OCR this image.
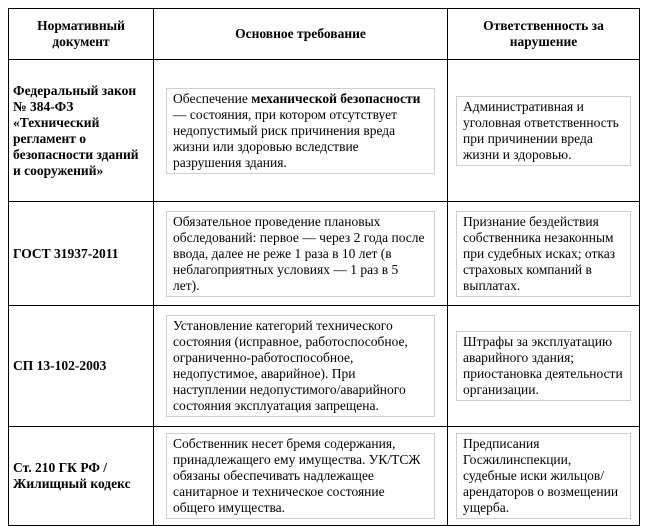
Нормативный документ	Основное требование	Ответственность за нарушение
Федеральный закон № 384-ФЗ «Технический регламент о безопасности зданий и сооружений»	Обеспечение механической безопасности — состояния, при котором отсутствует недопустимый риск причинения вреда жизни или здоровью вследствие разрушения здания.	Административная и уголовная ответственность при причинении вреда жизни и здоровью.

ГОСТ 31937-2011	Обязательное проведение плановых обследований: первое — через 2 года после ввода, далее не реже 1 раза в 10 лет (в неблагоприятных условиях — 1 раз в 5 лет).	Признание бездействия собственника незаконным при судебных исках; отказ страховых компаний в выплатах.

СП 13-102-2003	Установление категорий технического состояния (исправное, работоспособное, ограниченно-работоспособное, недопустимое, аварийное). При наступлении недопустимого/аварийного состояния эксплуатация запрещена.	Штрафы за эксплуатацию аварийного здания; приостановка деятельности организации.

Ст. 210 ГК РФ / Жилищный кодекс	Собственник несет бремя содержания, принадлежащего ему имущества. УК/ТСЖ обязаны обеспечивать надлежащее санитарное и техническое состояние общего имущества.	Предписания Госжилинспекции, судебные иски жильцов/арендаторов о возмещении ущерба.
